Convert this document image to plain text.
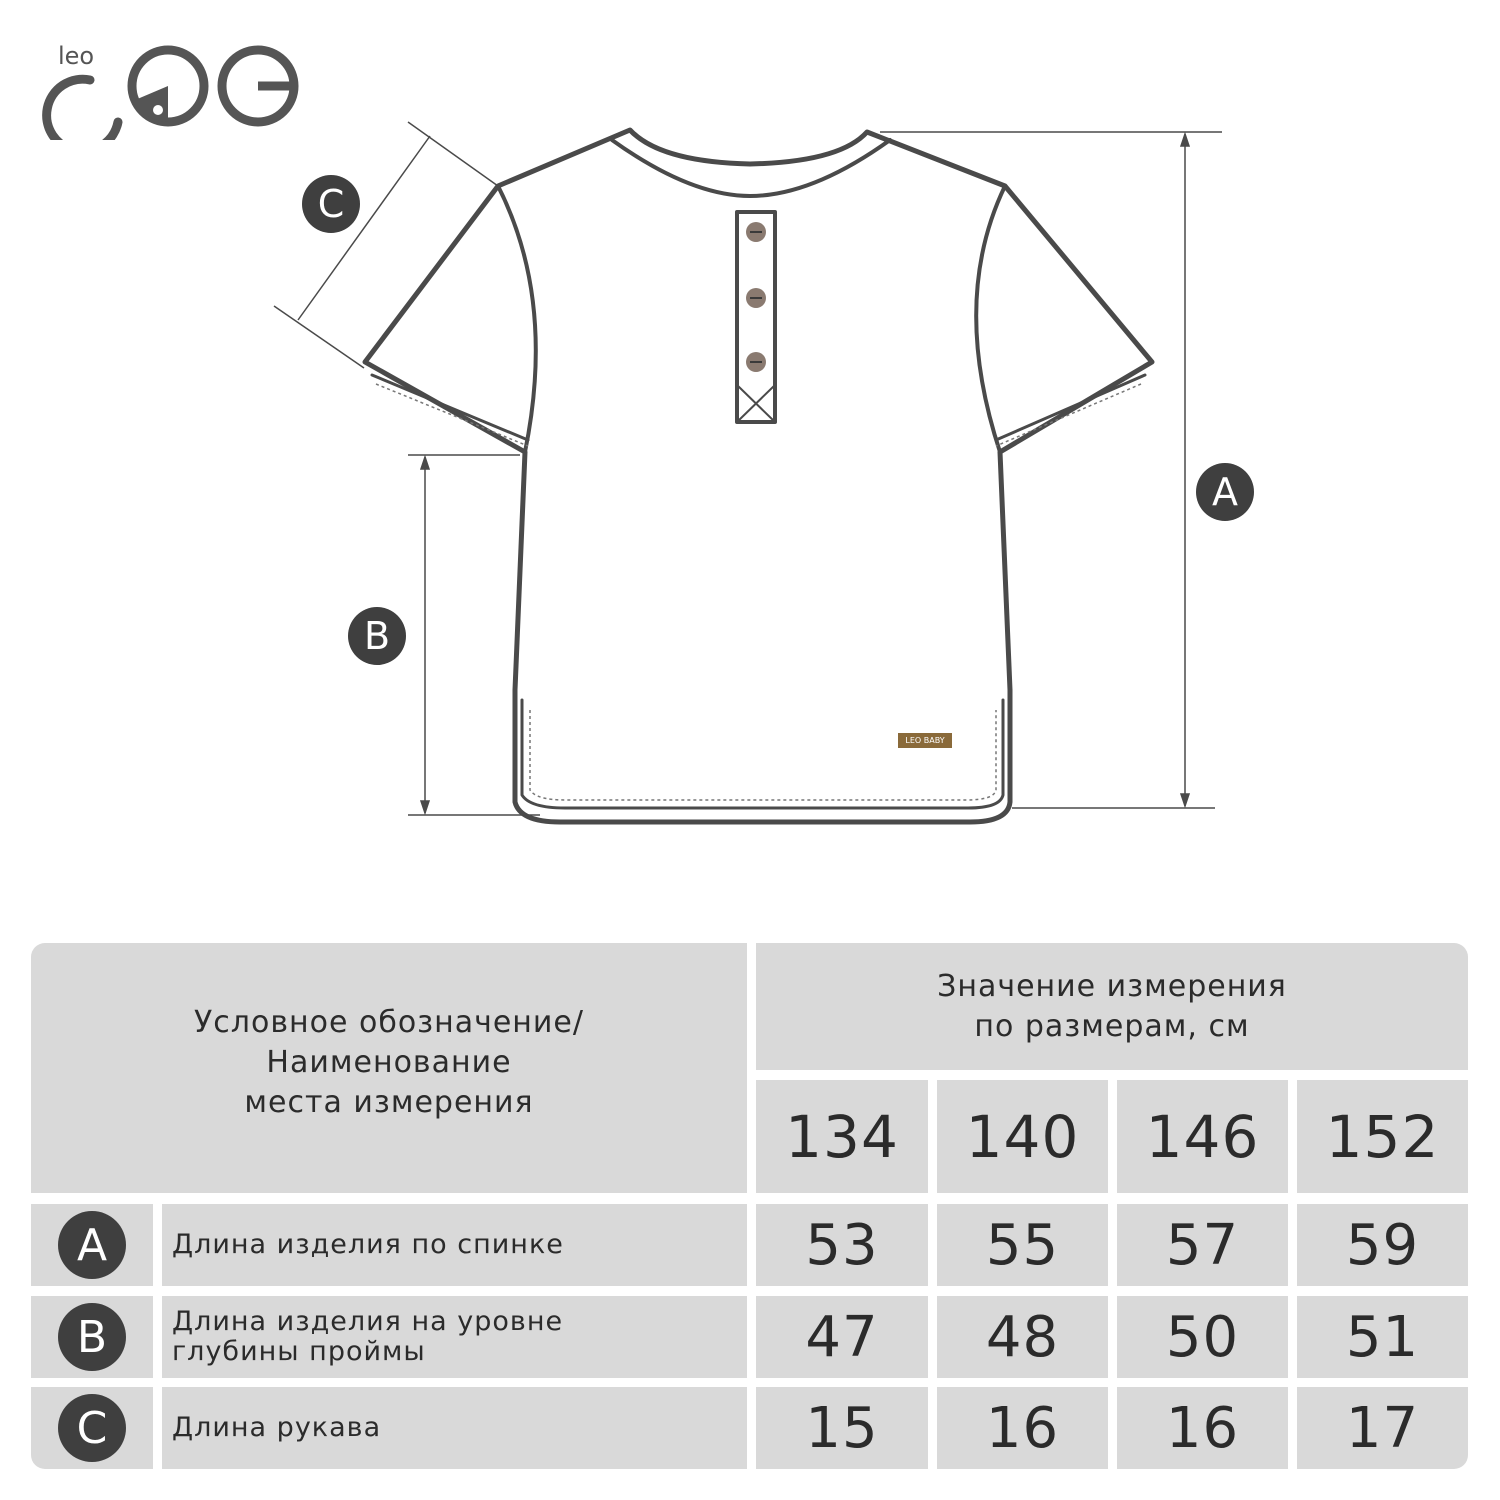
leo
LEO BABY
A
B
C
Условное обозначение/
Наименование
места измерения
Значение измерения
по размерам, см
134	140	146	152
A	Длина изделия по спинке	53	55	57	59
B	Длина изделия на уровне
глубины проймы	47	48	50	51
C	Длина рукава	15	16	16	17
